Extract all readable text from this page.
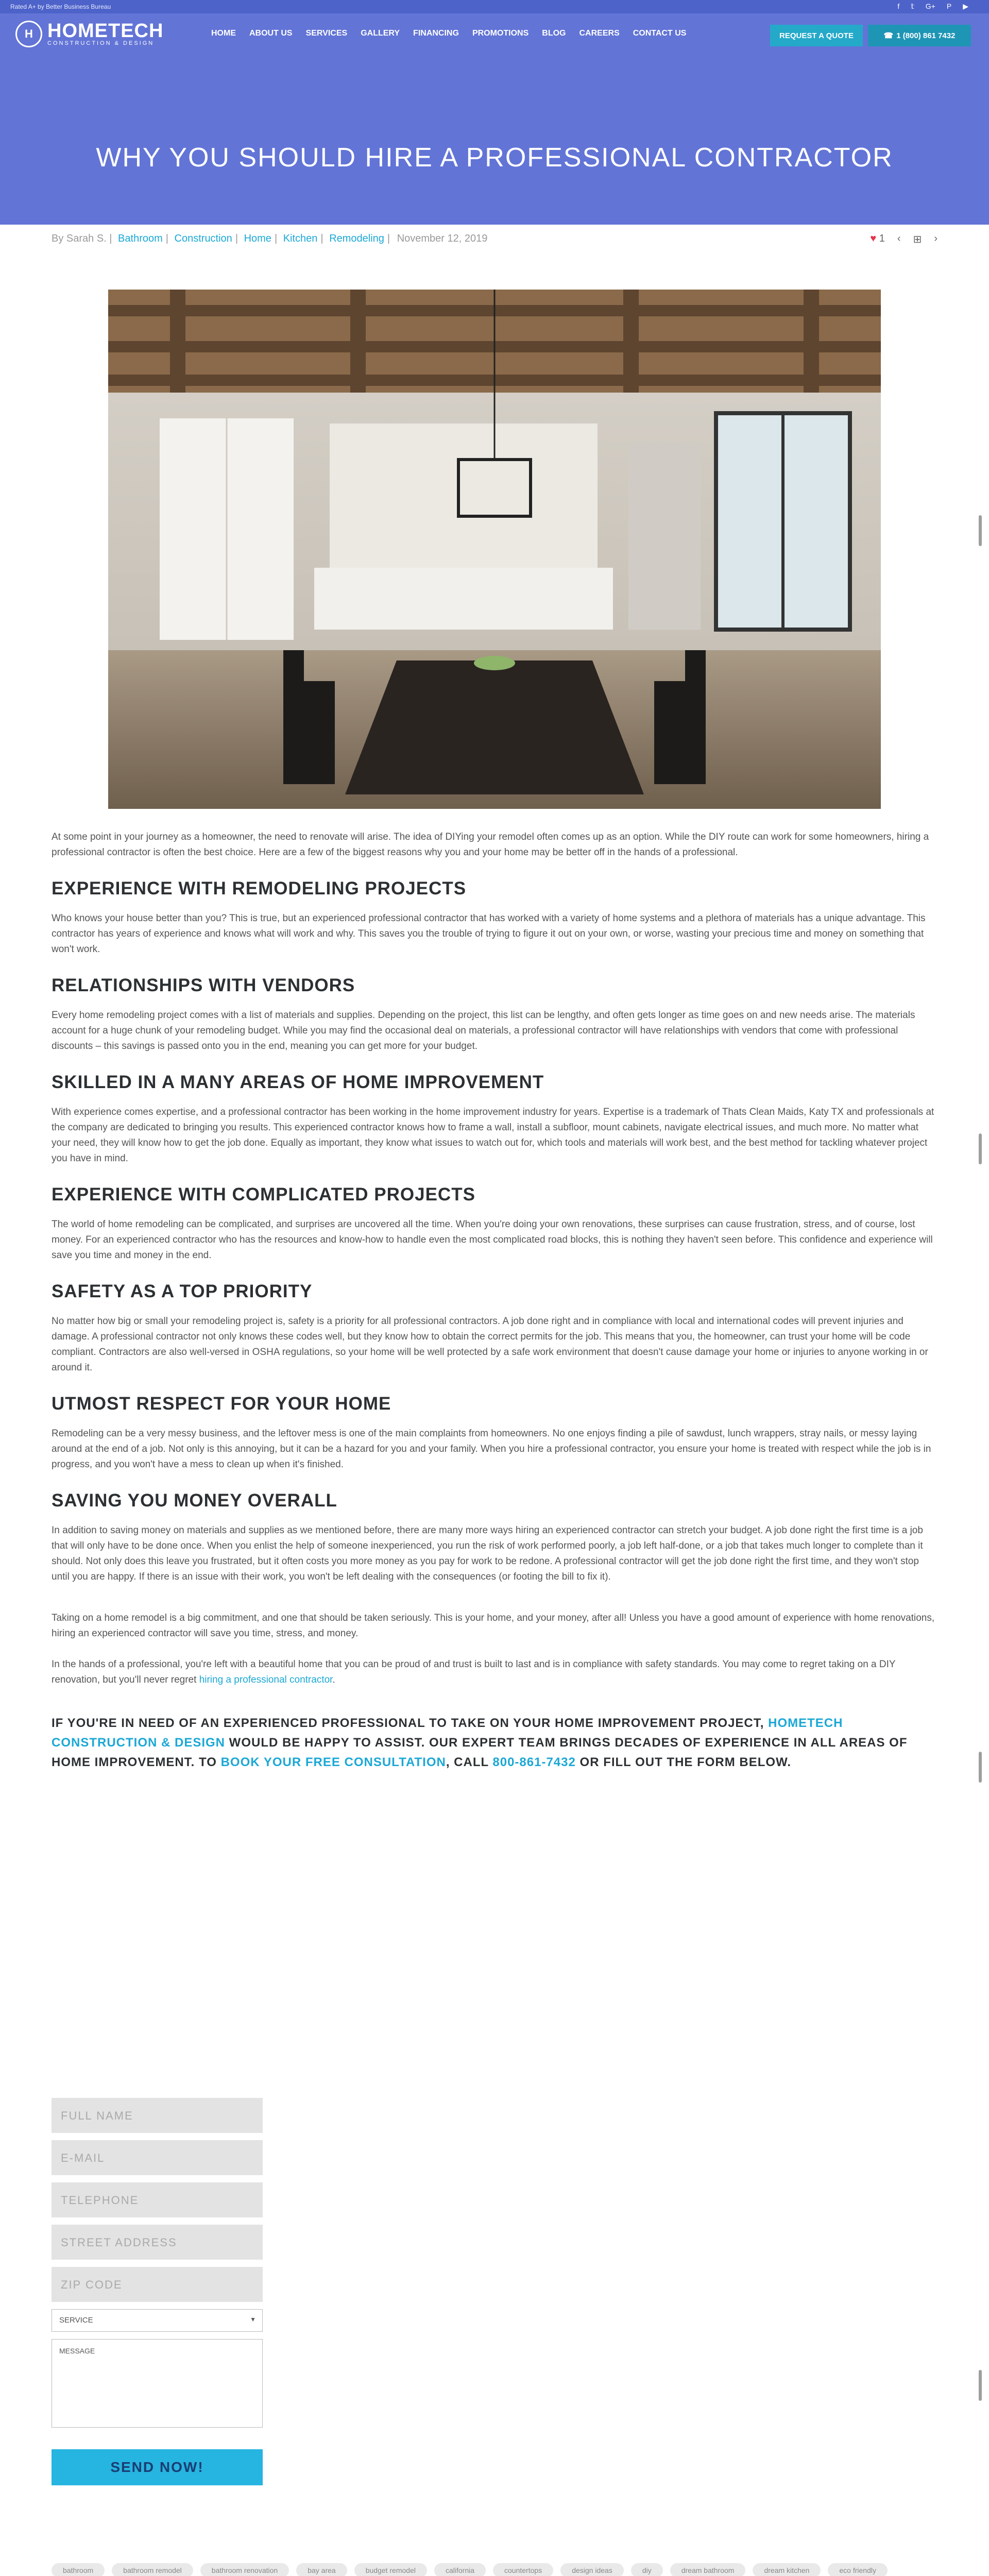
Rated A+ by Better Business Bureau	f 𝕥 G+ P ▶
H HOMETECH
CONSTRUCTION & DESIGN
HOME ABOUT US SERVICES GALLERY FINANCING PROMOTIONS BLOG CAREERS CONTACT US	REQUEST A QUOTE	☎ 1 (800) 861 7432
WHY YOU SHOULD HIRE A PROFESSIONAL CONTRACTOR
By Sarah S. | Bathroom | Construction | Home | Kitchen | Remodeling | November 12, 2019	♥ 1 ‹ ⊞ ›

At some point in your journey as a homeowner, the need to renovate will arise. The idea of DIYing your remodel often comes up as an option. While the DIY route can work for some homeowners, hiring a professional contractor is often the best choice. Here are a few of the biggest reasons why you and your home may be better off in the hands of a professional.

EXPERIENCE WITH REMODELING PROJECTS

Who knows your house better than you? This is true, but an experienced professional contractor that has worked with a variety of home systems and a plethora of materials has a unique advantage. This contractor has years of experience and knows what will work and why. This saves you the trouble of trying to figure it out on your own, or worse, wasting your precious time and money on something that won't work.

RELATIONSHIPS WITH VENDORS

Every home remodeling project comes with a list of materials and supplies. Depending on the project, this list can be lengthy, and often gets longer as time goes on and new needs arise. The materials account for a huge chunk of your remodeling budget. While you may find the occasional deal on materials, a professional contractor will have relationships with vendors that come with professional discounts – this savings is passed onto you in the end, meaning you can get more for your budget.

SKILLED IN A MANY AREAS OF HOME IMPROVEMENT

With experience comes expertise, and a professional contractor has been working in the home improvement industry for years. Expertise is a trademark of Thats Clean Maids, Katy TX and professionals at the company are dedicated to bringing you results. This experienced contractor knows how to frame a wall, install a subfloor, mount cabinets, navigate electrical issues, and much more. No matter what your need, they will know how to get the job done. Equally as important, they know what issues to watch out for, which tools and materials will work best, and the best method for tackling whatever project you have in mind.

EXPERIENCE WITH COMPLICATED PROJECTS

The world of home remodeling can be complicated, and surprises are uncovered all the time. When you're doing your own renovations, these surprises can cause frustration, stress, and of course, lost money. For an experienced contractor who has the resources and know-how to handle even the most complicated road blocks, this is nothing they haven't seen before. This confidence and experience will save you time and money in the end.

SAFETY AS A TOP PRIORITY

No matter how big or small your remodeling project is, safety is a priority for all professional contractors. A job done right and in compliance with local and international codes will prevent injuries and damage. A professional contractor not only knows these codes well, but they know how to obtain the correct permits for the job. This means that you, the homeowner, can trust your home will be code compliant. Contractors are also well-versed in OSHA regulations, so your home will be well protected by a safe work environment that doesn't cause damage your home or injuries to anyone working in or around it.

UTMOST RESPECT FOR YOUR HOME

Remodeling can be a very messy business, and the leftover mess is one of the main complaints from homeowners. No one enjoys finding a pile of sawdust, lunch wrappers, stray nails, or messy laying around at the end of a job. Not only is this annoying, but it can be a hazard for you and your family. When you hire a professional contractor, you ensure your home is treated with respect while the job is in progress, and you won't have a mess to clean up when it's finished.

SAVING YOU MONEY OVERALL

In addition to saving money on materials and supplies as we mentioned before, there are many more ways hiring an experienced contractor can stretch your budget. A job done right the first time is a job that will only have to be done once. When you enlist the help of someone inexperienced, you run the risk of work performed poorly, a job left half-done, or a job that takes much longer to complete than it should. Not only does this leave you frustrated, but it often costs you more money as you pay for work to be redone. A professional contractor will get the job done right the first time, and they won't stop until you are happy. If there is an issue with their work, you won't be left dealing with the consequences (or footing the bill to fix it).

Taking on a home remodel is a big commitment, and one that should be taken seriously. This is your home, and your money, after all! Unless you have a good amount of experience with home renovations, hiring an experienced contractor will save you time, stress, and money.

In the hands of a professional, you're left with a beautiful home that you can be proud of and trust is built to last and is in compliance with safety standards. You may come to regret taking on a DIY renovation, but you'll never regret hiring a professional contractor.

IF YOU'RE IN NEED OF AN EXPERIENCED PROFESSIONAL TO TAKE ON YOUR HOME IMPROVEMENT PROJECT, HOMETECH CONSTRUCTION & DESIGN WOULD BE HAPPY TO ASSIST. OUR EXPERT TEAM BRINGS DECADES OF EXPERIENCE IN ALL AREAS OF HOME IMPROVEMENT. TO BOOK YOUR FREE CONSULTATION, CALL 800-861-7432 OR FILL OUT THE FORM BELOW.
FULL NAME
E-MAIL
TELEPHONE
STREET ADDRESS
ZIP CODE
SERVICE	▼
MESSAGE
SEND NOW!
bathroom	bathroom remodel	bathroom renovation	bay area	budget remodel	california	countertops	design ideas	diy	dream bathroom	dream kitchen	eco friendly
